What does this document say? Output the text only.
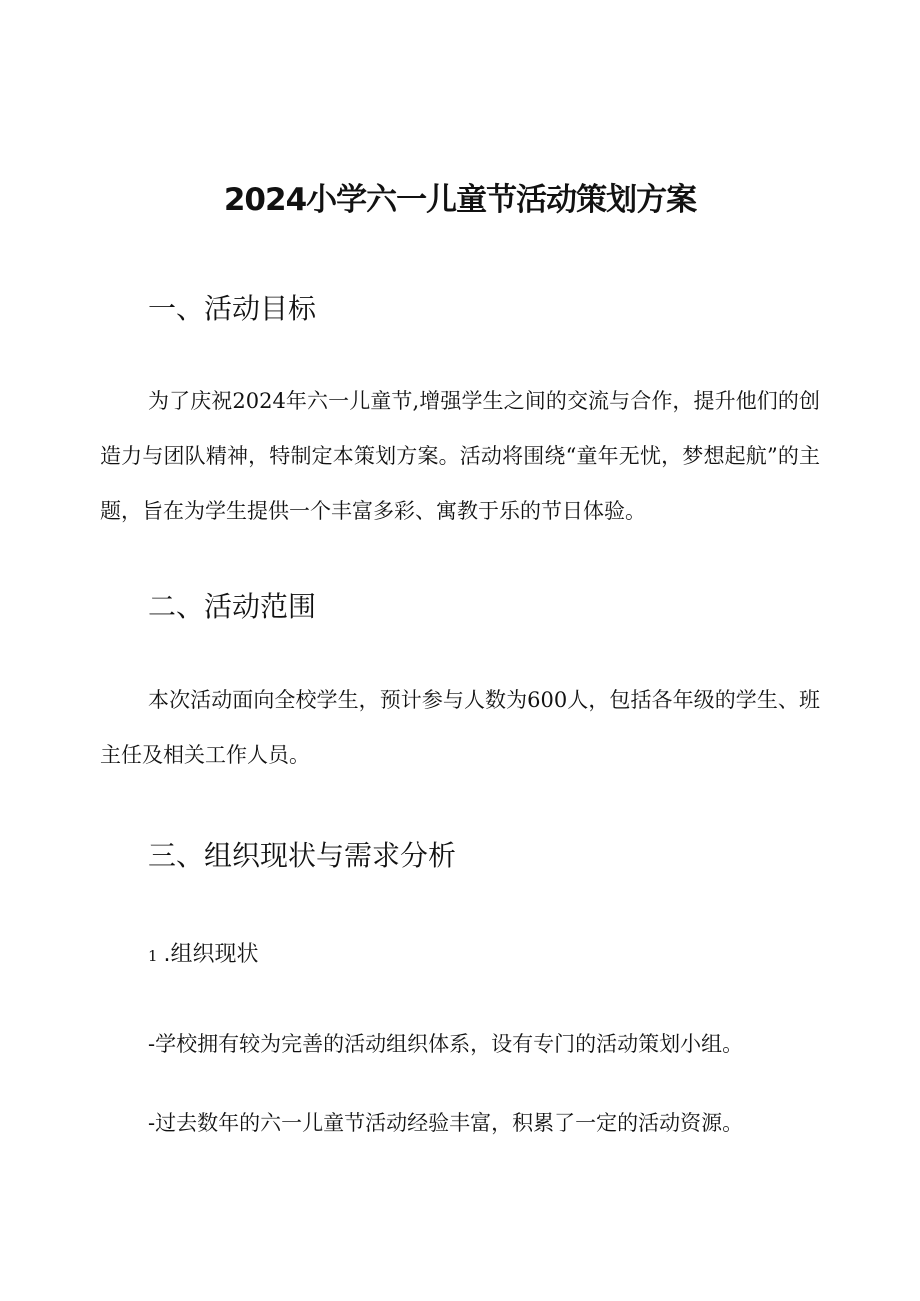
2024小学六一儿童节活动策划方案
一、活动目标
为了庆祝2024年六一儿童节,增强学生之间的交流与合作，提升他们的创造力与团队精神，特制定本策划方案。活动将围绕“童年无忧，梦想起航”的主题，旨在为学生提供一个丰富多彩、寓教于乐的节日体验。
二、活动范围
本次活动面向全校学生，预计参与人数为600人，包括各年级的学生、班主任及相关工作人员。
三、组织现状与需求分析
1 .组织现状
-学校拥有较为完善的活动组织体系，设有专门的活动策划小组。
-过去数年的六一儿童节活动经验丰富，积累了一定的活动资源。
